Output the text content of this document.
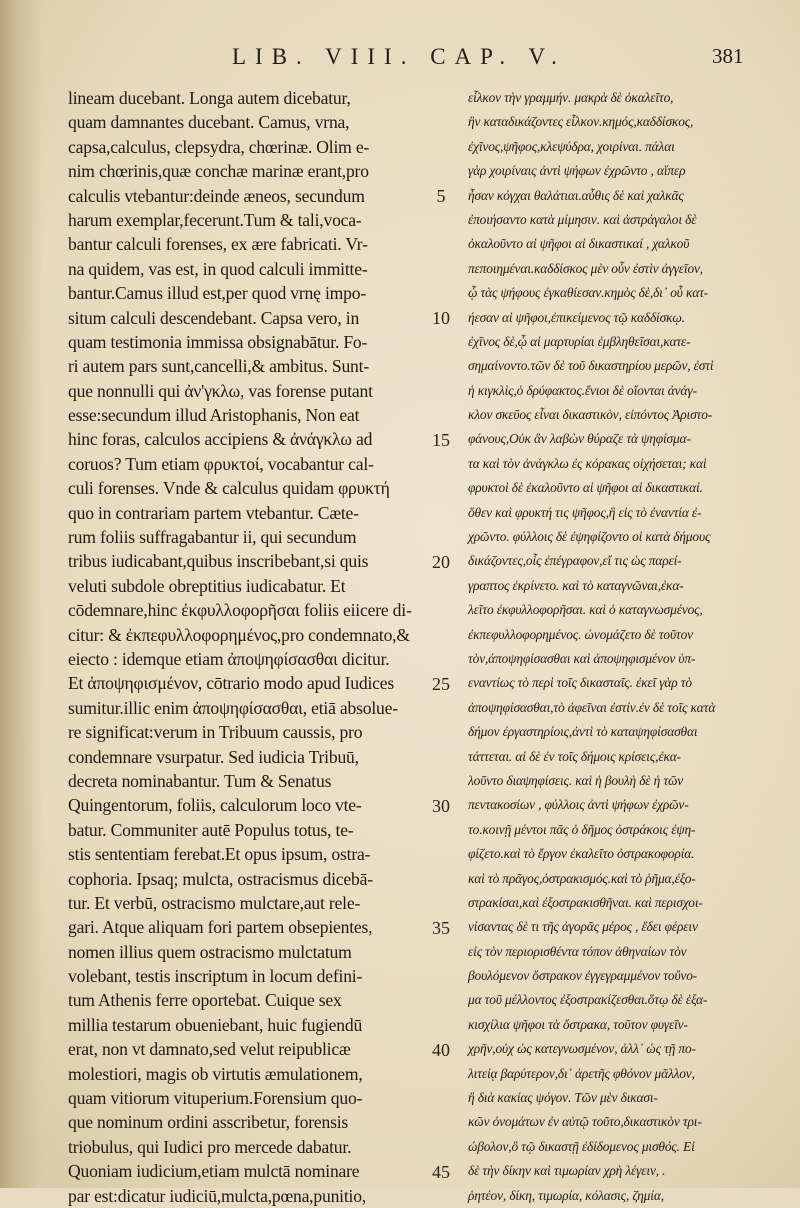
LIB. VIII. CAP. V.	381
lineam ducebant. Longa autem dicebatur,
quam damnantes ducebant. Camus, vrna,
capsa,calculus, clepsydra, chœrinæ. Olim e-
nim chœrinis,quæ conchæ marinæ erant,pro
calculis vtebantur:deinde æneos, secundum
harum exemplar,fecerunt.Tum & tali,voca-
bantur calculi forenses, ex ære fabricati. Vr-
na quidem, vas est, in quod calculi immitte-
bantur.Camus illud est,per quod vrnę impo-
situm calculi descendebant. Capsa vero, in
quam testimonia immissa obsignabātur. Fo-
ri autem pars sunt,cancelli,& ambitus. Sunt-
que nonnulli qui ἀν'γκλω, vas forense putant
esse:secundum illud Aristophanis, Non eat
hinc foras, calculos accipiens & ἀνάγκλω ad
coruos? Tum etiam φρυκτοί, vocabantur cal-
culi forenses. Vnde & calculus quidam φρυκτή
quo in contrariam partem vtebantur. Cæte-
rum foliis suffragabantur ii, qui secundum
tribus iudicabant,quibus inscribebant,si quis
veluti subdole obreptitius iudicabatur. Et
cōdemnare,hinc ἐκφυλλοφορῆσαι foliis eiicere di-
citur: & ἐκπεφυλλοφορημένος,pro condemnato,&
eiecto : idemque etiam ἀποψηφίσασθαι dicitur.
Et ἀποψηφισμένον, cōtrario modo apud Iudices
sumitur.illic enim ἀποψηφίσασθαι, etiā absolue-
re significat:verum in Tribuum caussis, pro
condemnare vsurpatur. Sed iudicia Tribuū,
decreta nominabantur. Tum & Senatus
Quingentorum, foliis, calculorum loco vte-
batur. Communiter autē Populus totus, te-
stis sententiam ferebat.Et opus ipsum, ostra-
cophoria. Ipsaq; mulcta, ostracismus dicebā-
tur. Et verbū, ostracismo mulctare,aut rele-
gari. Atque aliquam fori partem obsepientes,
nomen illius quem ostracismo mulctatum
volebant, testis inscriptum in locum defini-
tum Athenis ferre oportebat. Cuique sex
millia testarum obueniebant, huic fugiendū
erat, non vt damnato,sed velut reipublicæ
molestiori, magis ob virtutis æmulationem,
quam vitiorum vituperium.Forensium quo-
que nominum ordini asscribetur, forensis
triobulus, qui Iudici pro mercede dabatur.
Quoniam iudicium,etiam mulctā nominare
par est:dicatur iudiciū,mulcta,pœna,punitio,
5
10
15
20
25
30
35
40
45
εἷλκον τὴν γραμμήν. μακρὰ δὲ ὀκαλεῖτο,
ἣν καταδικάζοντες εἷλκον.κημός,καδδίσκος,
ἐχῖνος,ψῆφος,κλεψύδρα, χοιρίναι. πάλαι
γὰρ χοιρίναις ἀντὶ ψήφων ἐχρῶντο , αἵπερ
ἦσαν κόγχαι θαλάτιαι.αὖθις δὲ καὶ χαλκᾶς
ἐποιήσαντο κατὰ μίμησιν. καὶ ἀστράγαλοι δὲ
ὀκαλοῦντο αἱ ψῆφοι αἱ δικαστικαί , χαλκοῦ
πεποιημέναι.καδδίσκος μὲν οὖν ἐστὶν ἀγγεῖον,
ᾧ τὰς ψήφους ἐγκαθίεσαν.κημὸς δὲ,δι᾽ οὗ κατ-
ήεσαν αἱ ψῆφοι,ἐπικείμενος τῷ καδδίσκῳ.
ἐχῖνος δὲ,ᾧ αἱ μαρτυρίαι ἐμβληθεῖσαι,κατε-
σημαίνοντο.τῶν δὲ τοῦ δικαστηρίου μερῶν, ἐστὶ
ἡ κιγκλὶς,ὁ δρύφακτος.ἔνιοι δὲ οἴονται ἀνάγ-
κλον σκεῦος εἶναι δικαστικὸν, εἰπόντος Ἀριστο-
φάνους,Οὐκ ἂν λαβὼν θύραζε τὰ ψηφίσμα-
τα καὶ τὸν ἀνάγκλω ἐς κόρακας οἰχήσεται; καὶ
φρυκτοὶ δὲ ἐκαλοῦντο αἱ ψῆφοι αἱ δικαστικαί.
ὅθεν καὶ φρυκτή τις ψῆφος,ἣ εἰς τὸ ἐναντία ἐ-
χρῶντο. φύλλοις δὲ ἐψηφίζοντο οἱ κατὰ δήμους
δικάζοντες,οἷς ἐπέγραφον,εἴ τις ὡς παρεί-
γραπτος ἐκρίνετο. καὶ τὸ καταγνῶναι,ἐκα-
λεῖτο ἐκφυλλοφορῆσαι. καὶ ὁ καταγνωσμένος,
ἐκπεφυλλοφορημένος. ὠνομάζετο δὲ τοῦτον
τὸν,ἀποψηφίσασθαι καὶ ἀποψηφισμένον ὑπ-
εναντίως τὸ περὶ τοῖς δικασταῖς. ἐκεῖ γὰρ τὸ
ἀποψηφίσασθαι,τὸ ἀφεῖναι ἐστίν.ἐν δὲ τοῖς κατὰ
δήμον ἐργαστηρίοις,ἀντὶ τὸ καταψηφίσασθαι
τάττεται. αἱ δὲ ἐν τοῖς δήμοις κρίσεις,ἐκα-
λοῦντο διαψηφίσεις. καὶ ἡ βουλὴ δὲ ἡ τῶν
πεντακοσίων , φύλλοις ἀντὶ ψήφων ἐχρῶν-
το.κοινῇ μέντοι πᾶς ὁ δῆμος ὀστράκοις ἐψη-
φίζετο.καὶ τὸ ἔργον ἐκαλεῖτο ὀστρακοφορία.
καὶ τὸ πρᾶγος,ὀστρακισμός.καὶ τὸ ῥῆμα,ἐξο-
στρακίσαι,καὶ ἐξοστρακισθῆναι. καὶ περισχοι-
νίσαντας δὲ τι τῆς ἀγορᾶς μέρος , ἔδει φέρειν
εἰς τὸν περιορισθέντα τόπον ἀθηναίων τὸν
βουλόμενον ὄστρακον ἐγγεγραμμένον τοὔνο-
μα τοῦ μέλλοντος ἐξοστρακίζεσθαι.ὅτῳ δὲ ἑξα-
κισχίλια ψῆφοι τὰ ὄστρακα, τοῦτον φυγεῖν-
χρῆν,οὐχ ὡς κατεγνωσμένον, ἀλλ᾽ ὡς τῇ πο-
λιτείᾳ βαρύτερον,δι᾽ ἀρετῆς φθόνον μᾶλλον,
ἢ διὰ κακίας ψόγον. Τῶν μὲν δικασι-
κῶν ὀνομάτων ἐν αὐτῷ τοῦτο,δικαστικὸν τρι-
ώβολον,ὃ τῷ δικαστῇ ἐδίδομενος μισθός. Εἰ
δὲ τὴν δίκην καὶ τιμωρίαν χρὴ λέγειν, .
ῥητέον, δίκη, τιμωρία, κόλασις, ζημία,
